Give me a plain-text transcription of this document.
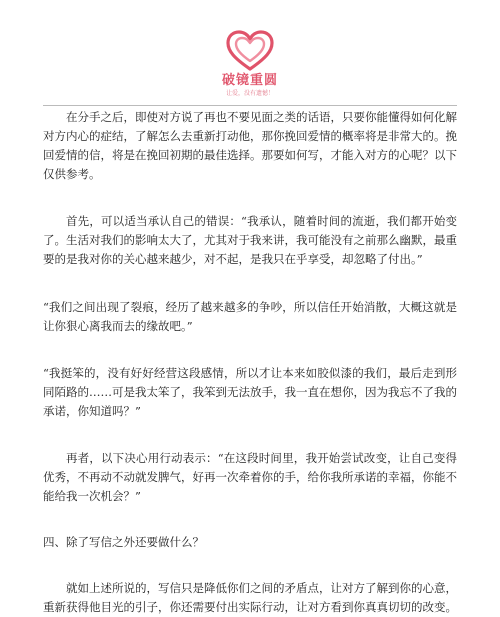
破镜重圆
让爱，没有遗憾！

在分手之后，即使对方说了再也不要见面之类的话语，只要你能懂得如何化解对方内心的症结，了解怎么去重新打动他，那你挽回爱情的概率将是非常大的。挽回爱情的信，将是在挽回初期的最佳选择。那要如何写，才能入对方的心呢？以下仅供参考。

首先，可以适当承认自己的错误：“我承认，随着时间的流逝，我们都开始变了。生活对我们的影响太大了，尤其对于我来讲，我可能没有之前那么幽默，最重要的是我对你的关心越来越少，对不起，是我只在乎享受，却忽略了付出。”

“我们之间出现了裂痕，经历了越来越多的争吵，所以信任开始消散，大概这就是让你狠心离我而去的缘故吧。”

“我挺笨的，没有好好经营这段感情，所以才让本来如胶似漆的我们，最后走到形同陌路的……可是我太笨了，我笨到无法放手，我一直在想你，因为我忘不了我的承诺，你知道吗？”

再者，以下决心用行动表示：“在这段时间里，我开始尝试改变，让自己变得优秀，不再动不动就发脾气，好再一次牵着你的手，给你我所承诺的幸福，你能不能给我一次机会？”

四、除了写信之外还要做什么？

就如上述所说的，写信只是降低你们之间的矛盾点，让对方了解到你的心意，重新获得他目光的引子，你还需要付出实际行动，让对方看到你真真切切的改变。
